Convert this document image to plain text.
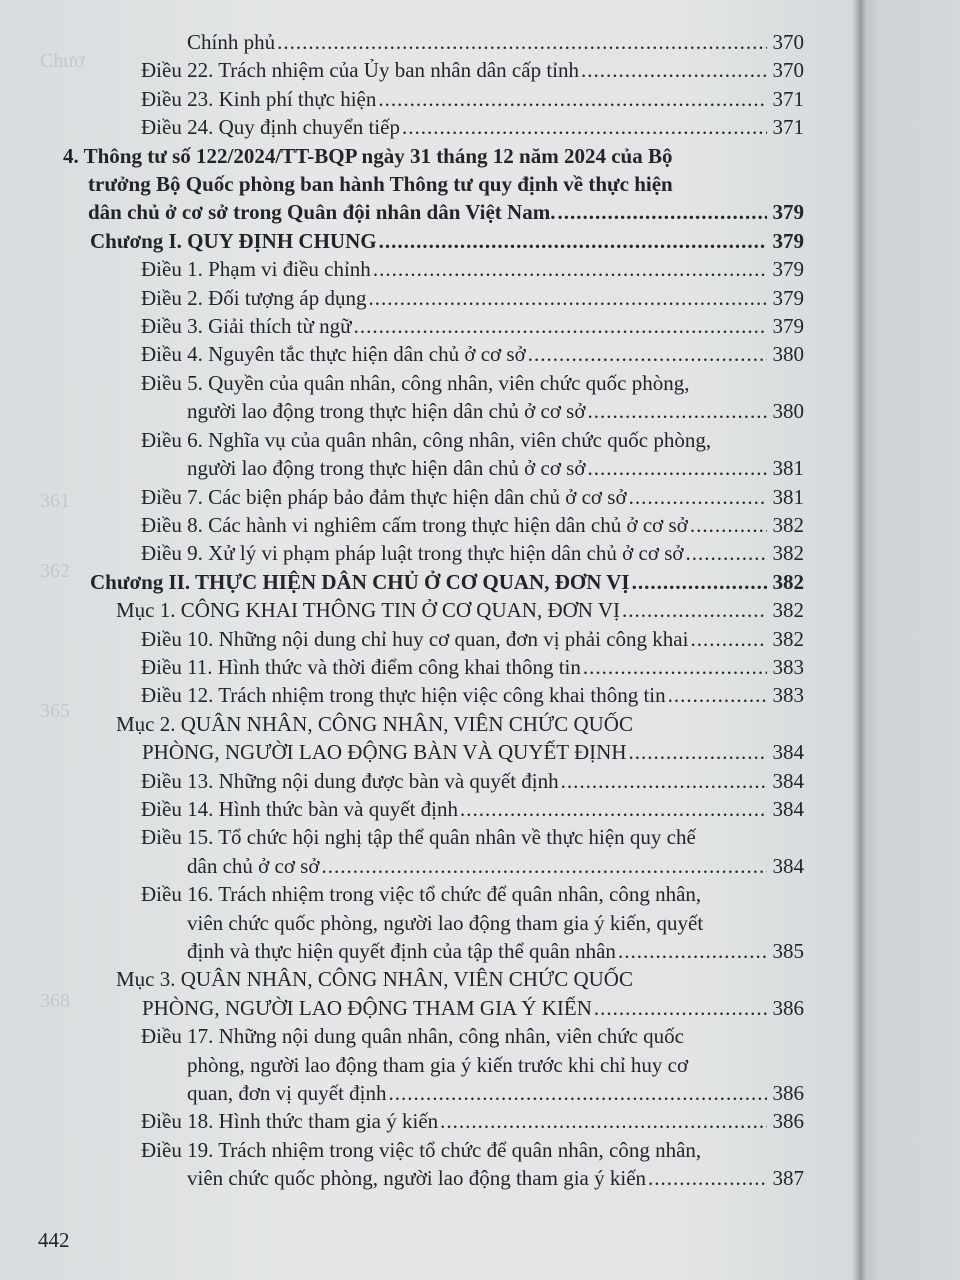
Chươ
361
362
365
368
Chính phủ .....	370
Điều 22. Trách nhiệm của Ủy ban nhân dân cấp tỉnh .....	370
Điều 23. Kinh phí thực hiện .....	371
Điều 24. Quy định chuyển tiếp .....	371
4. Thông tư số 122/2024/TT-BQP ngày 31 tháng 12 năm 2024 của Bộ
trưởng Bộ Quốc phòng ban hành Thông tư quy định về thực hiện
dân chủ ở cơ sở trong Quân đội nhân dân Việt Nam. .....	379
Chương I. QUY ĐỊNH CHUNG .....	379
Điều 1. Phạm vi điều chỉnh .....	379
Điều 2. Đối tượng áp dụng .....	379
Điều 3. Giải thích từ ngữ .....	379
Điều 4. Nguyên tắc thực hiện dân chủ ở cơ sở .....	380
Điều 5. Quyền của quân nhân, công nhân, viên chức quốc phòng,
người lao động trong thực hiện dân chủ ở cơ sở .....	380
Điều 6. Nghĩa vụ của quân nhân, công nhân, viên chức quốc phòng,
người lao động trong thực hiện dân chủ ở cơ sở .....	381
Điều 7. Các biện pháp bảo đảm thực hiện dân chủ ở cơ sở .....	381
Điều 8. Các hành vi nghiêm cấm trong thực hiện dân chủ ở cơ sở .....	382
Điều 9. Xử lý vi phạm pháp luật trong thực hiện dân chủ ở cơ sở .....	382
Chương II. THỰC HIỆN DÂN CHỦ Ở CƠ QUAN, ĐƠN VỊ .....	382
Mục 1. CÔNG KHAI THÔNG TIN Ở CƠ QUAN, ĐƠN VỊ .....	382
Điều 10. Những nội dung chỉ huy cơ quan, đơn vị phải công khai .....	382
Điều 11. Hình thức và thời điểm công khai thông tin .....	383
Điều 12. Trách nhiệm trong thực hiện việc công khai thông tin .....	383
Mục 2. QUÂN NHÂN, CÔNG NHÂN, VIÊN CHỨC QUỐC
PHÒNG, NGƯỜI LAO ĐỘNG BÀN VÀ QUYẾT ĐỊNH .....	384
Điều 13. Những nội dung được bàn và quyết định .....	384
Điều 14. Hình thức bàn và quyết định .....	384
Điều 15. Tổ chức hội nghị tập thể quân nhân về thực hiện quy chế
dân chủ ở cơ sở .....	384
Điều 16. Trách nhiệm trong việc tổ chức để quân nhân, công nhân,
viên chức quốc phòng, người lao động tham gia ý kiến, quyết
định và thực hiện quyết định của tập thể quân nhân .....	385
Mục 3. QUÂN NHÂN, CÔNG NHÂN, VIÊN CHỨC QUỐC
PHÒNG, NGƯỜI LAO ĐỘNG THAM GIA Ý KIẾN .....	386
Điều 17. Những nội dung quân nhân, công nhân, viên chức quốc
phòng, người lao động tham gia ý kiến trước khi chỉ huy cơ
quan, đơn vị quyết định .....	386
Điều 18. Hình thức tham gia ý kiến .....	386
Điều 19. Trách nhiệm trong việc tổ chức để quân nhân, công nhân,
viên chức quốc phòng, người lao động tham gia ý kiến .....	387
442
